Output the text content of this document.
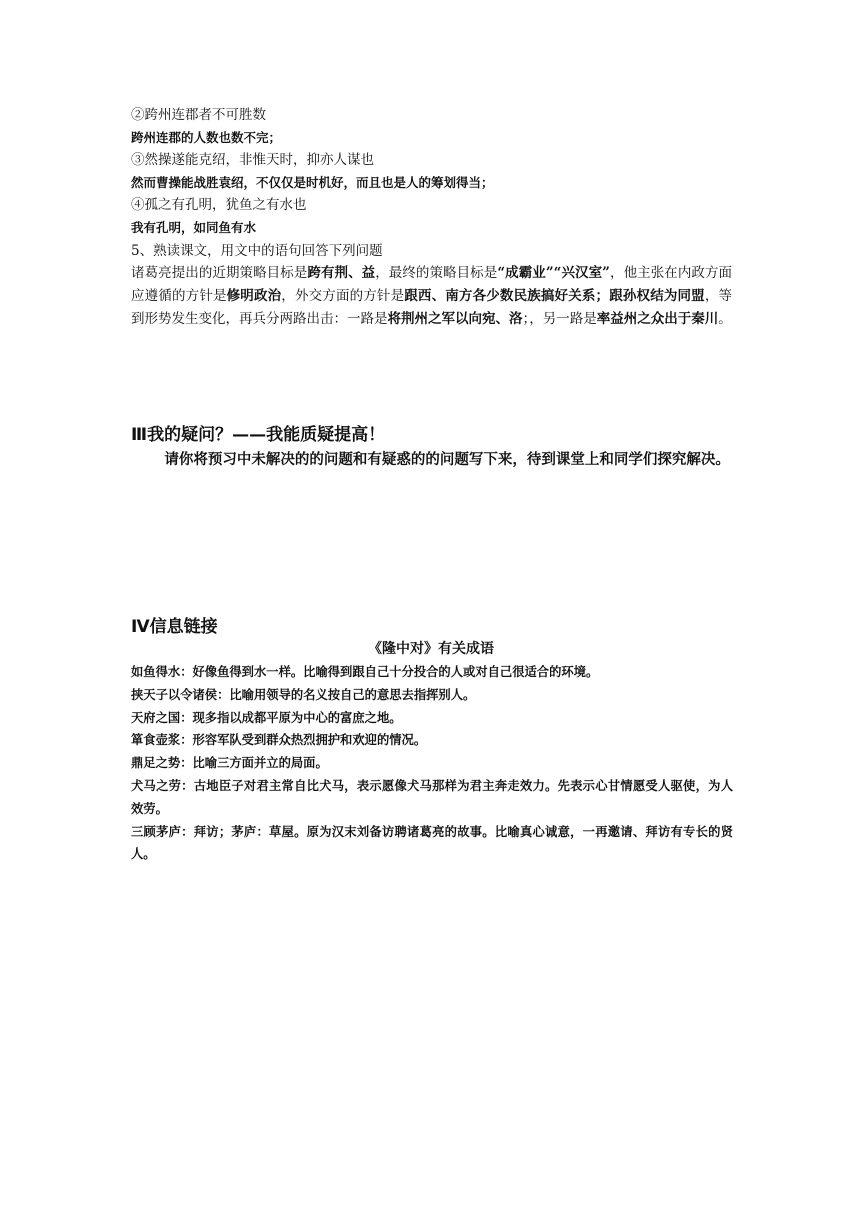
②跨州连郡者不可胜数
跨州连郡的人数也数不完；
③然操遂能克绍，非惟天时，抑亦人谋也
然而曹操能战胜袁绍，不仅仅是时机好，而且也是人的筹划得当；
④孤之有孔明，犹鱼之有水也
我有孔明，如同鱼有水
5、熟读课文，用文中的语句回答下列问题
诸葛亮提出的近期策略目标是跨有荆、益，最终的策略目标是“成霸业”“兴汉室”，他主张在内政方面应遵循的方针是修明政治，外交方面的方针是跟西、南方各少数民族搞好关系；跟孙权结为同盟，等到形势发生变化，再兵分两路出击：一路是将荆州之军以向宛、洛；，另一路是率益州之众出于秦川。
Ⅲ我的疑问？——我能质疑提高！
请你将预习中未解决的的问题和有疑惑的的问题写下来，待到课堂上和同学们探究解决。
Ⅳ信息链接
《隆中对》有关成语
如鱼得水：好像鱼得到水一样。比喻得到跟自己十分投合的人或对自己很适合的环境。
挟天子以令诸侯：比喻用领导的名义按自己的意思去指挥别人。
天府之国：现多指以成都平原为中心的富庶之地。
箪食壶浆：形容军队受到群众热烈拥护和欢迎的情况。
鼎足之势：比喻三方面并立的局面。
犬马之劳：古地臣子对君主常自比犬马，表示愿像犬马那样为君主奔走效力。先表示心甘情愿受人驱使，为人效劳。
三顾茅庐：拜访；茅庐：草屋。原为汉末刘备访聘诸葛亮的故事。比喻真心诚意，一再邀请、拜访有专长的贤人。
